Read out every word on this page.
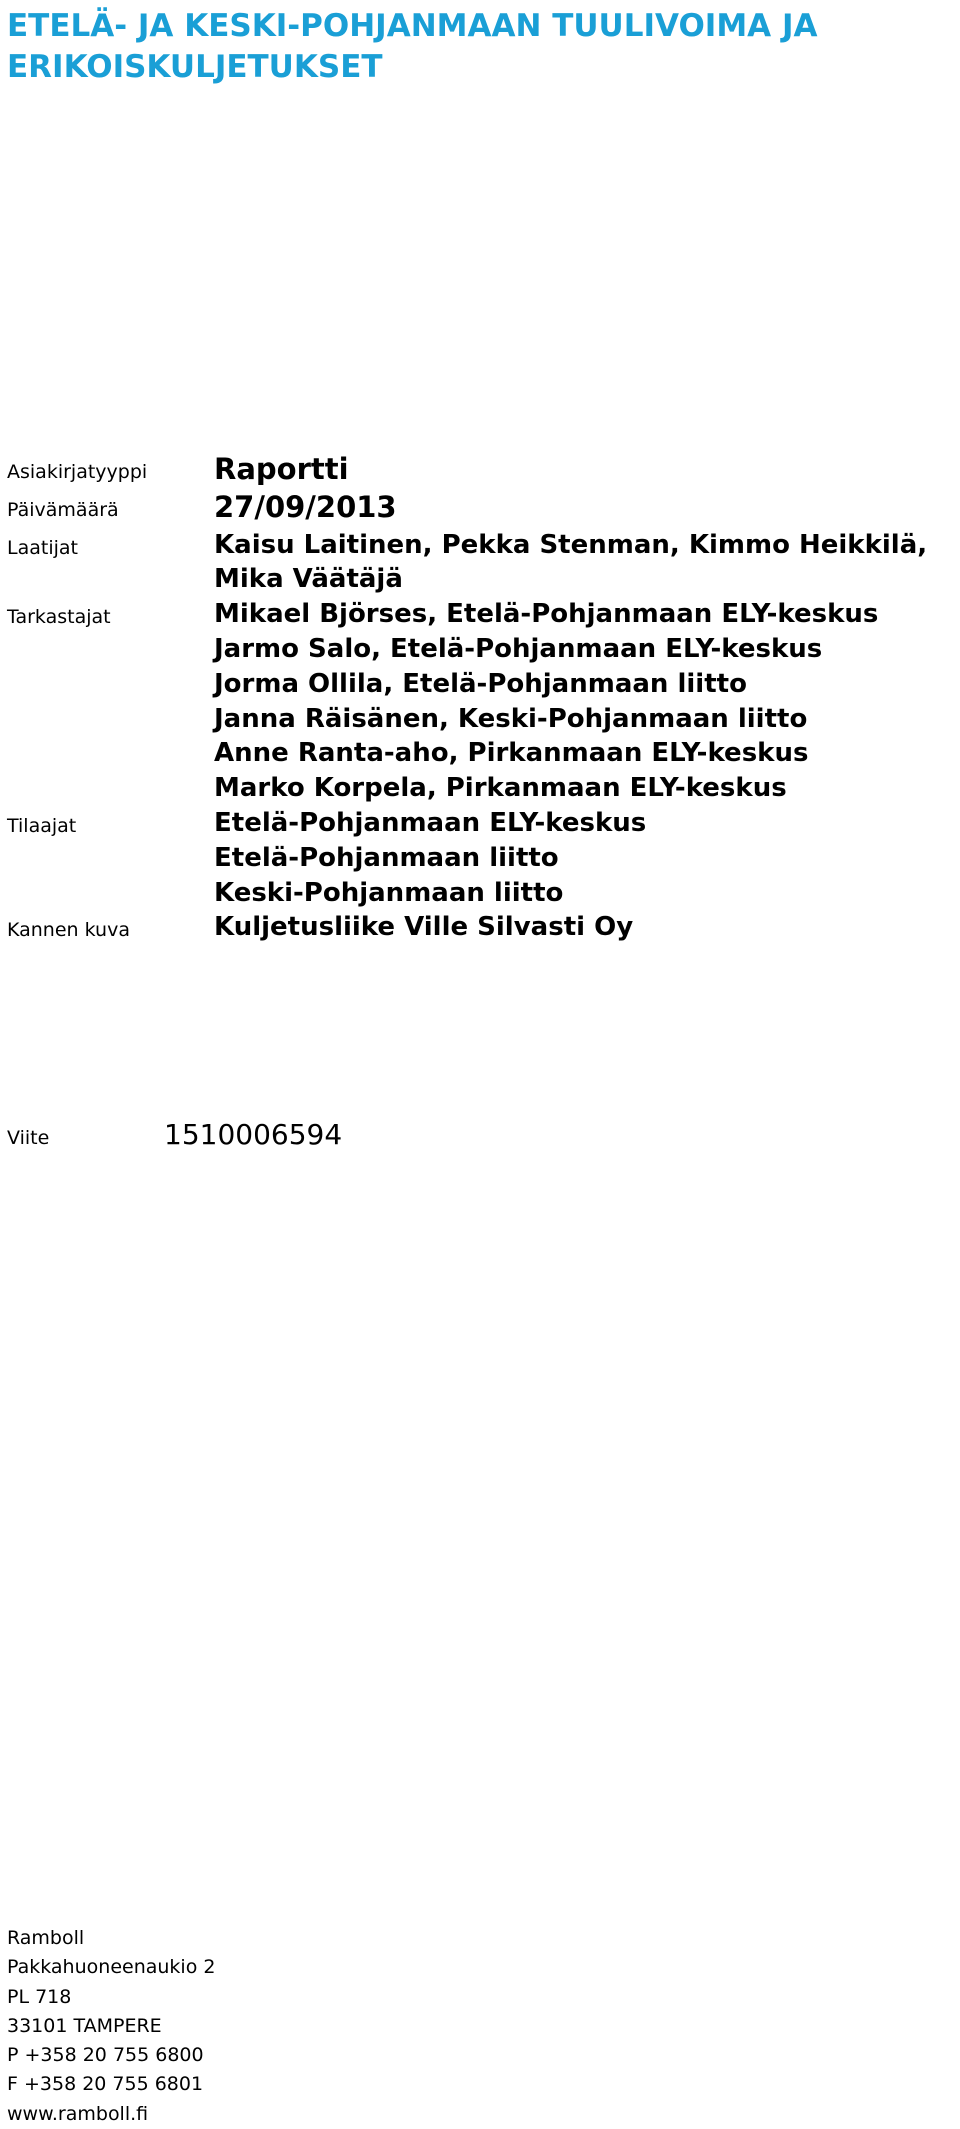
ETELÄ- JA KESKI-POHJANMAAN TUULIVOIMA JA
ERIKOISKULJETUKSET
Asiakirjatyyppi	Raportti
Päivämäärä	27/09/2013
Laatijat	Kaisu Laitinen, Pekka Stenman, Kimmo Heikkilä,
Mika Väätäjä
Tarkastajat	Mikael Björses, Etelä-Pohjanmaan ELY-keskus
Jarmo Salo, Etelä-Pohjanmaan ELY-keskus
Jorma Ollila, Etelä-Pohjanmaan liitto
Janna Räisänen, Keski-Pohjanmaan liitto
Anne Ranta-aho, Pirkanmaan ELY-keskus
Marko Korpela, Pirkanmaan ELY-keskus
Tilaajat	Etelä-Pohjanmaan ELY-keskus
Etelä-Pohjanmaan liitto
Keski-Pohjanmaan liitto
Kannen kuva	Kuljetusliike Ville Silvasti Oy
Viite	1510006594
Ramboll
Pakkahuoneenaukio 2
PL 718
33101 TAMPERE
P +358 20 755 6800
F +358 20 755 6801
www.ramboll.fi
